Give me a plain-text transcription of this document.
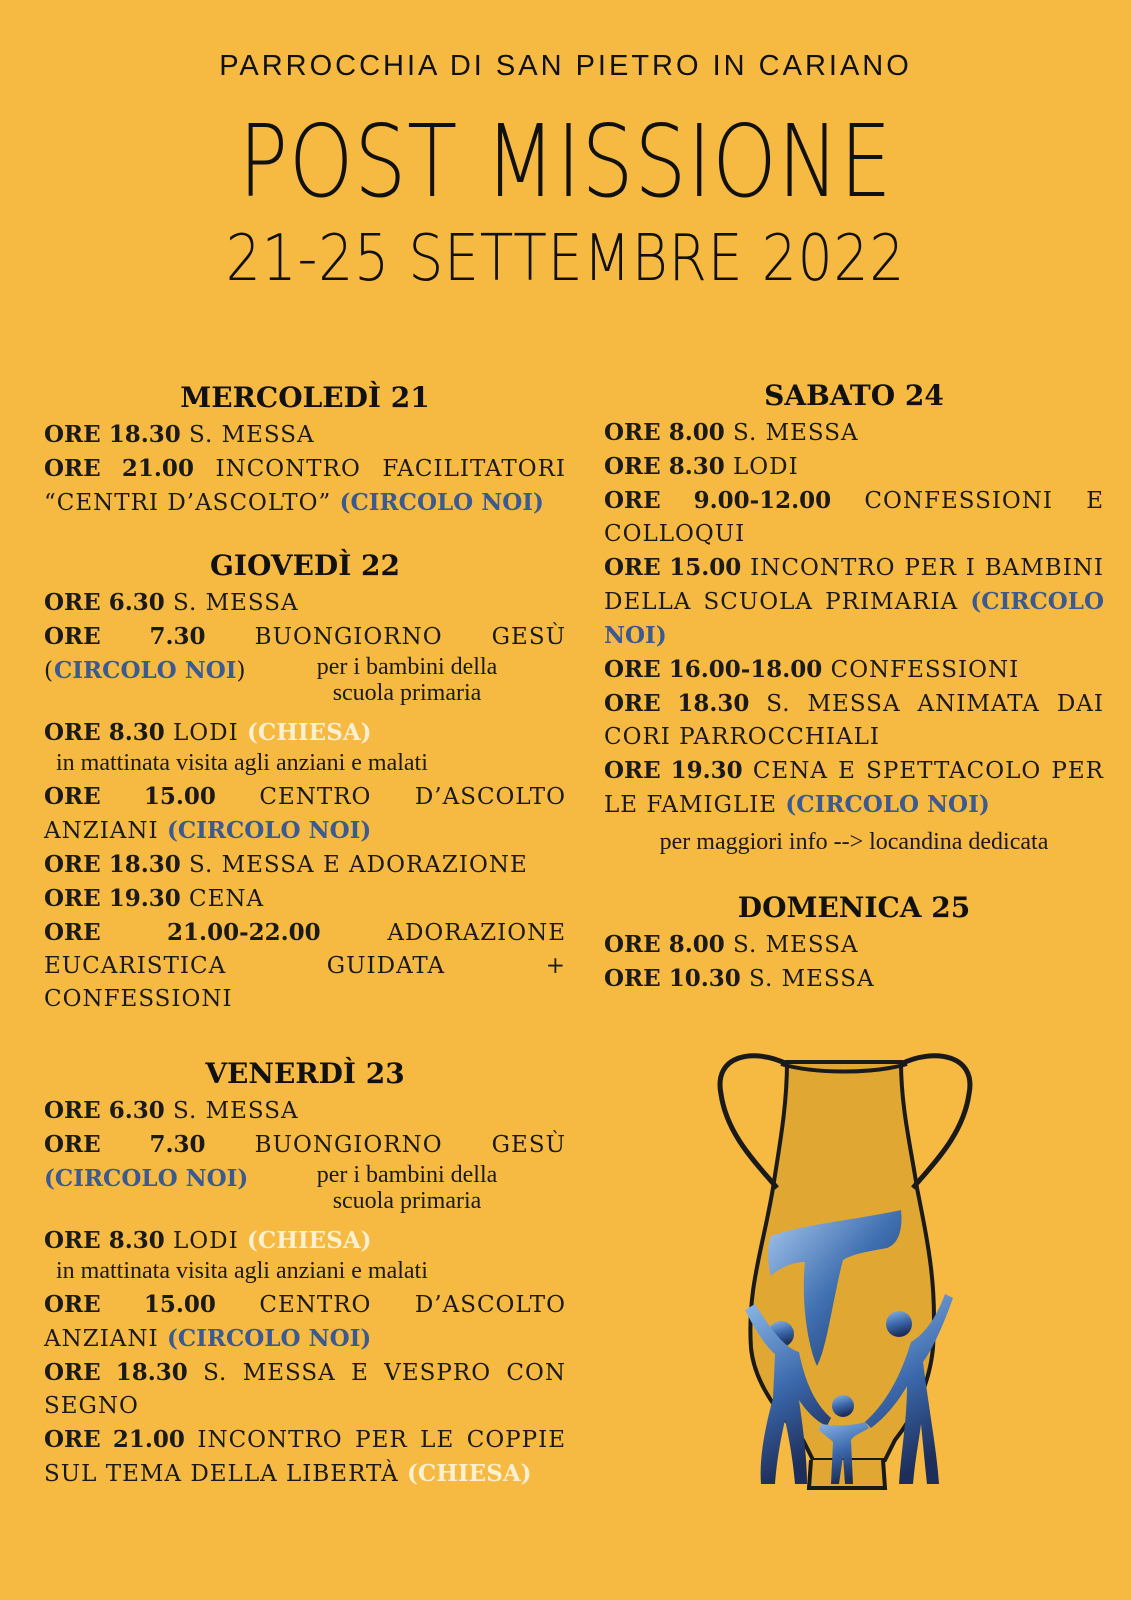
PARROCCHIA DI SAN PIETRO IN CARIANO
POST MISSIONE
21-25 SETTEMBRE 2022
MERCOLEDÌ 21
ORE 18.30 S. MESSA
ORE 21.00 INCONTRO FACILITATORI “CENTRI D’ASCOLTO” (CIRCOLO NOI)
GIOVEDÌ 22
ORE 6.30 S. MESSA
ORE 7.30 BUONGIORNO GESÙ
(CIRCOLO NOI)	per i bambini della
scuola primaria
ORE 8.30 LODI (CHIESA)
in mattinata visita agli anziani e malati
ORE 15.00 CENTRO D’ASCOLTO ANZIANI (CIRCOLO NOI)
ORE 18.30 S. MESSA E ADORAZIONE
ORE 19.30 CENA
ORE 21.00-22.00	ADORAZIONE EUCARISTICA GUIDATA + CONFESSIONI
VENERDÌ 23
ORE 6.30 S. MESSA
ORE 7.30 BUONGIORNO GESÙ
(CIRCOLO NOI)	per i bambini della
scuola primaria
ORE 8.30 LODI (CHIESA)
in mattinata visita agli anziani e malati
ORE 15.00 CENTRO D’ASCOLTO ANZIANI (CIRCOLO NOI)
ORE 18.30 S. MESSA E VESPRO CON SEGNO
ORE 21.00 INCONTRO PER LE COPPIE SUL TEMA DELLA LIBERTÀ (CHIESA)
SABATO 24
ORE 8.00 S. MESSA
ORE 8.30 LODI
ORE 9.00-12.00 CONFESSIONI E COLLOQUI
ORE 15.00 INCONTRO PER I BAMBINI DELLA SCUOLA PRIMARIA (CIRCOLO NOI)
ORE 16.00-18.00 CONFESSIONI
ORE 18.30 S. MESSA ANIMATA DAI CORI PARROCCHIALI
ORE 19.30 CENA E SPETTACOLO PER LE FAMIGLIE (CIRCOLO NOI)
per maggiori info --> locandina dedicata
DOMENICA 25
ORE 8.00 S. MESSA
ORE 10.30 S. MESSA
